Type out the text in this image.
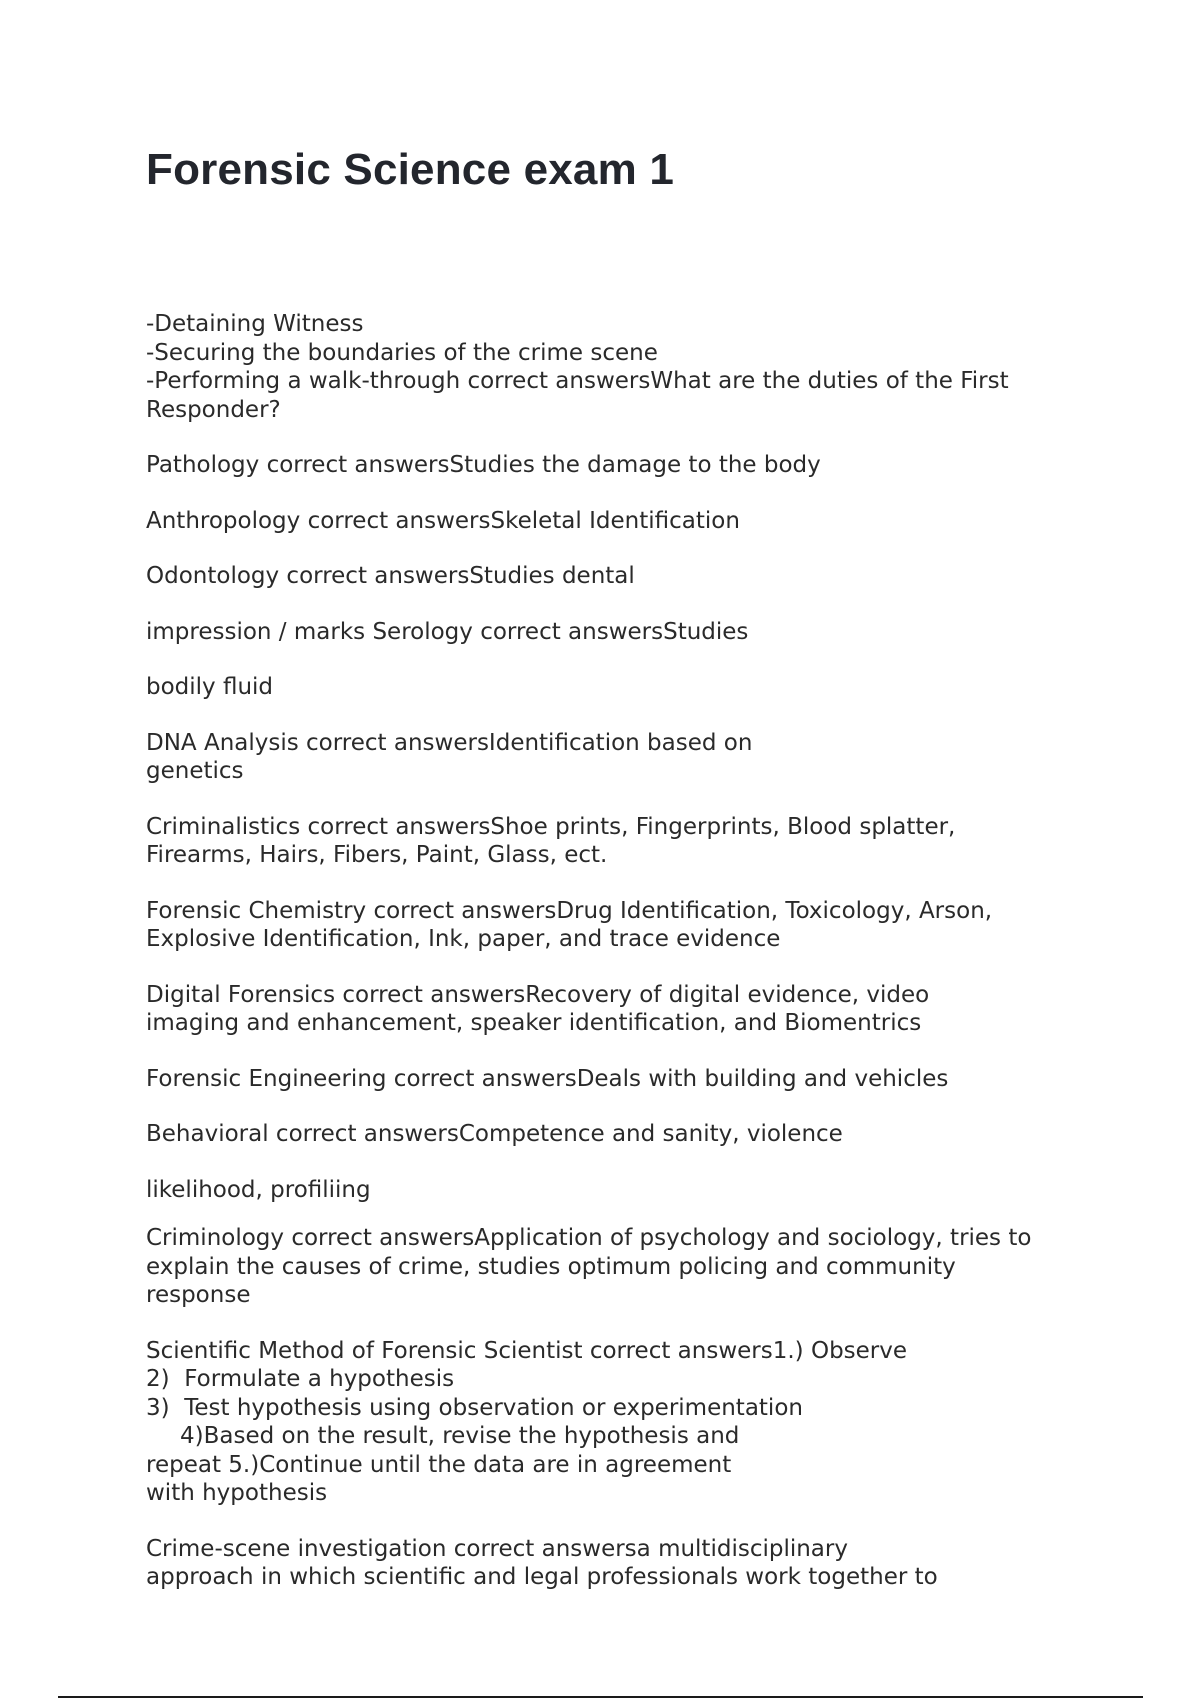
Forensic Science exam 1

-Detaining Witness

-Securing the boundaries of the crime scene

-Performing a walk-through correct answersWhat are the duties of the First

Responder?

Pathology correct answersStudies the damage to the body

Anthropology correct answersSkeletal Identification

Odontology correct answersStudies dental

impression / marks Serology correct answersStudies

bodily fluid

DNA Analysis correct answersIdentification based on

genetics

Criminalistics correct answersShoe prints, Fingerprints, Blood splatter,

Firearms, Hairs, Fibers, Paint, Glass, ect.

Forensic Chemistry correct answersDrug Identification, Toxicology, Arson,

Explosive Identification, Ink, paper, and trace evidence

Digital Forensics correct answersRecovery of digital evidence, video

imaging and enhancement, speaker identification, and Biomentrics

Forensic Engineering correct answersDeals with building and vehicles

Behavioral correct answersCompetence and sanity, violence

likelihood, profiliing

Criminology correct answersApplication of psychology and sociology, tries to

explain the causes of crime, studies optimum policing and community

response

Scientific Method of Forensic Scientist correct answers1.) Observe

2)  Formulate a hypothesis

3)  Test hypothesis using observation or experimentation

4)Based on the result, revise the hypothesis and

repeat 5.)Continue until the data are in agreement

with hypothesis

Crime-scene investigation correct answersa multidisciplinary

approach in which scientific and legal professionals work together to
